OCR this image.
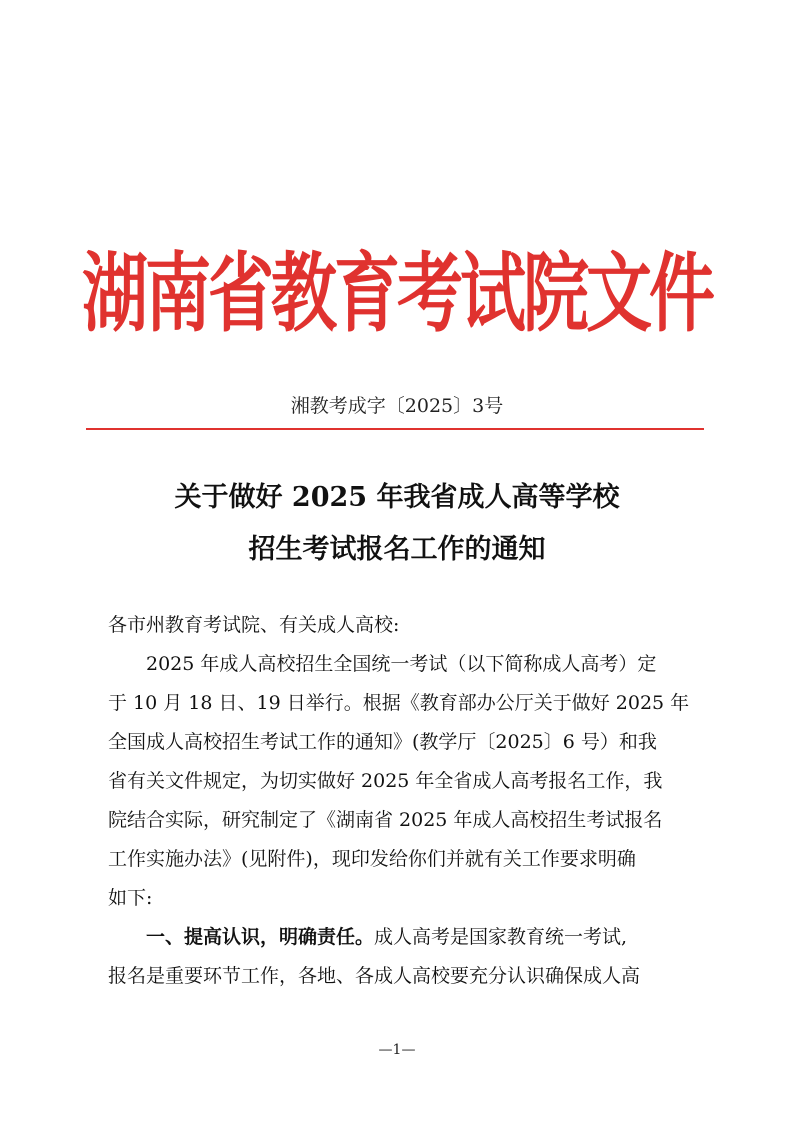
湖南省教育考试院文件
湘教考成字〔2025〕3号
关于做好 2025 年我省成人高等学校
招生考试报名工作的通知
各市州教育考试院、有关成人高校:
2025 年成人高校招生全国统一考试（以下简称成人高考）定
于 10 月 18 日、19 日举行。根据《教育部办公厅关于做好 2025 年
全国成人高校招生考试工作的通知》(教学厅〔2025〕6 号）和我
省有关文件规定，为切实做好 2025 年全省成人高考报名工作，我
院结合实际，研究制定了《湖南省 2025 年成人高校招生考试报名
工作实施办法》(见附件)，现印发给你们并就有关工作要求明确
如下:
一、提高认识，明确责任。 成人高考是国家教育统一考试,
报名是重要环节工作，各地、各成人高校要充分认识确保成人高
—1—
